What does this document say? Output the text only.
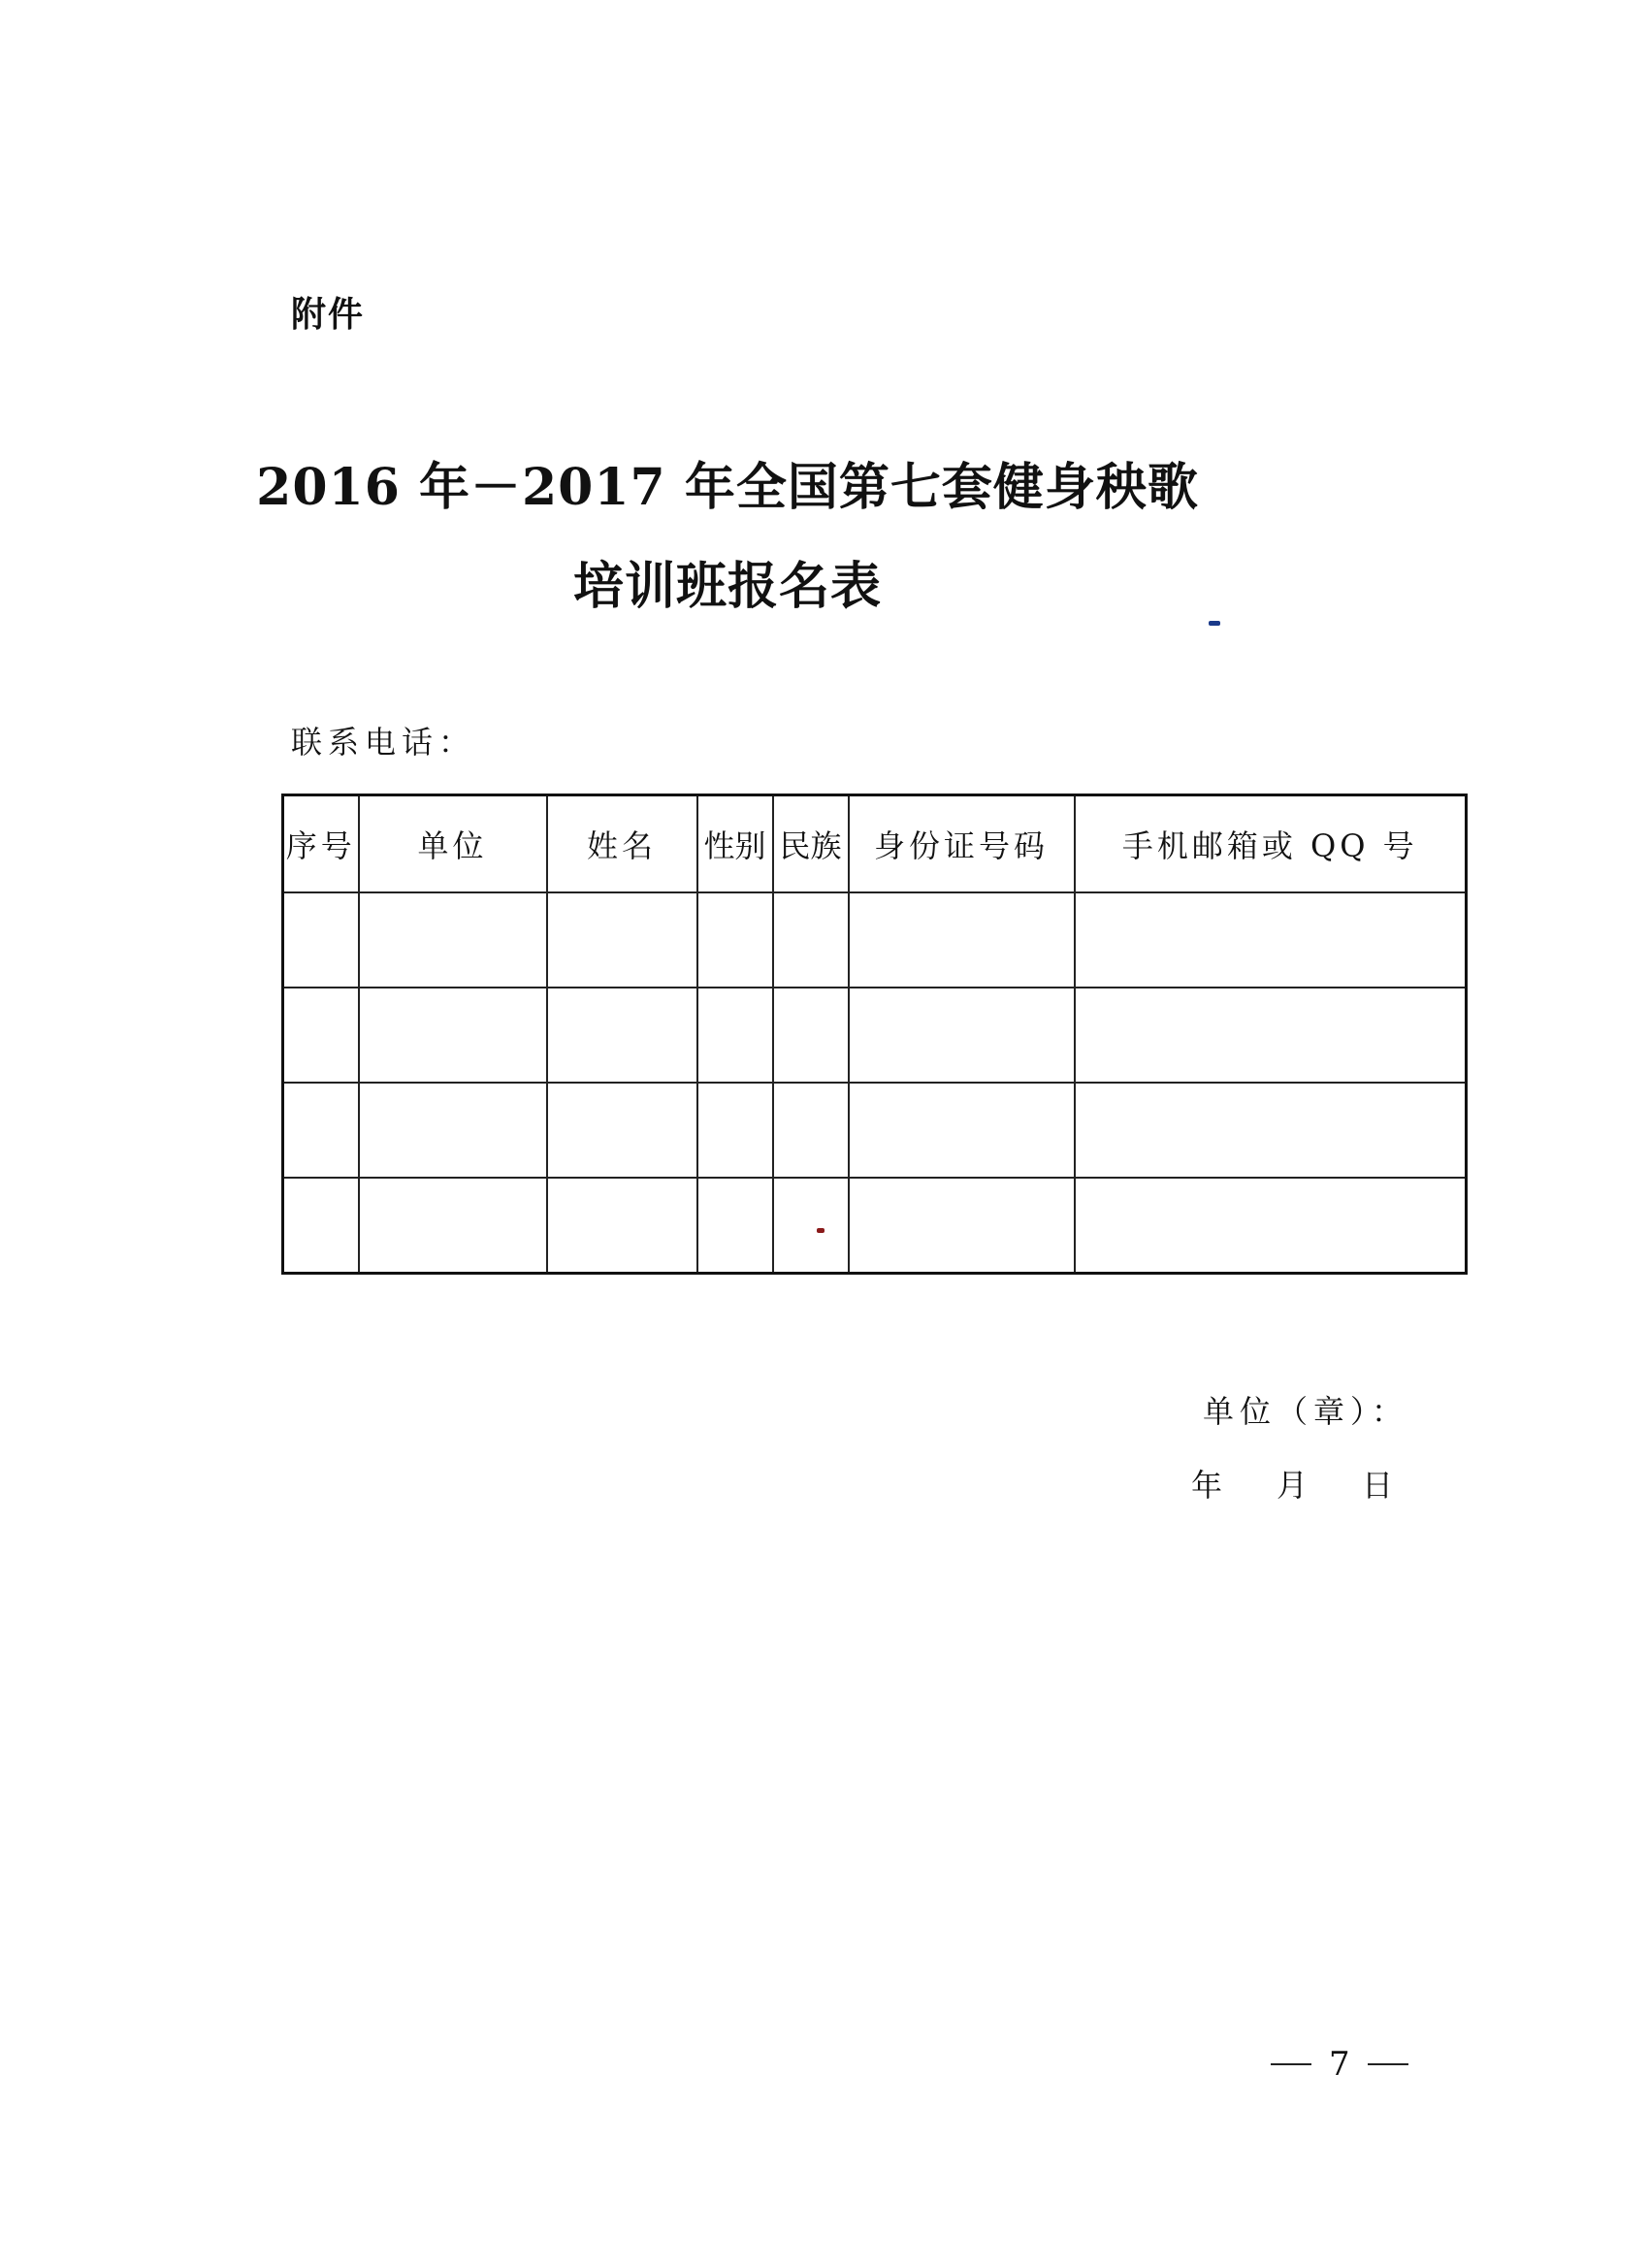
附件
2016 年－2017 年全国第七套健身秧歌
培训班报名表
联系电话：
序号	单位	姓名	性别	民族	身份证号码	手机邮箱或 QQ 号

单位（章）：
年 月 日
7
